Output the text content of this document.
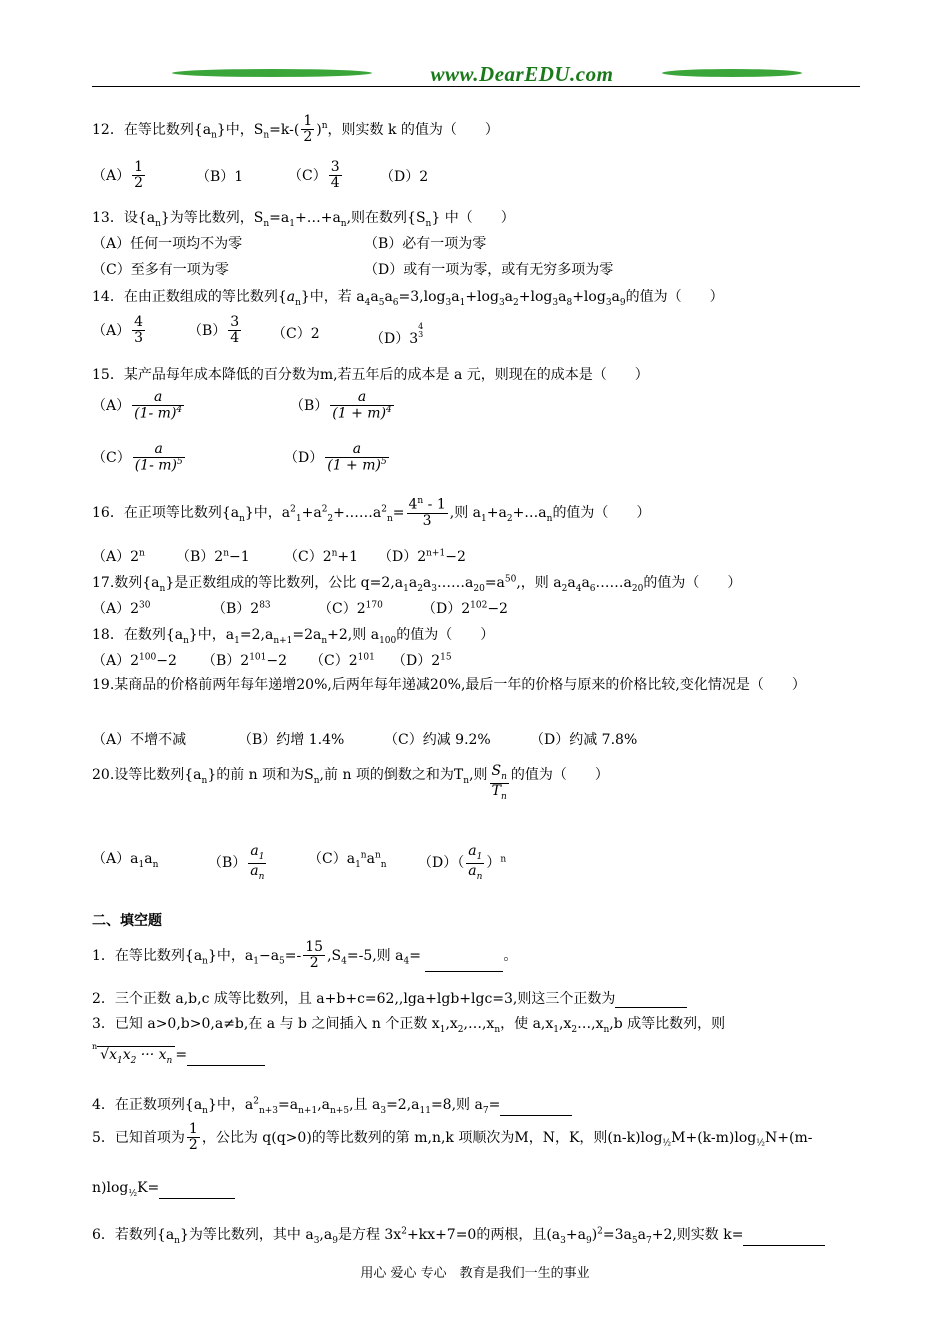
www.DearEDU.com
12．在等比数列$\{a_n\}$中，$S_n=k-( \frac{1}{2} )^n$，则实数 k 的值为（　　）
$(A) \frac{1}{2}$	（B）1	$(C) \frac{3}{4}$	（D）2
13．设$\{a_n\}$为等比数列，$S_n=a_1+\dots+a_n$,则在数列$\{S_n\}$ 中（　　）
（A）任何一项均不为零	（B）必有一项为零
（C）至多有一项为零	（D）或有一项为零，或有无穷多项为零
14．在由正数组成的等比数列$\{a_n\}$中，若 $a_4a_5a_6=3,\log_3a_1+\log_3a_2+\log_3a_8+\log_3a_9$的值为（　　）
$(A) \frac{4}{3}$	$(B) \frac{3}{4} (C)2$	$(D)3^{4 3}$
15．某产品每年成本降低的百分数为m,若五年后的成本是 a 元，则现在的成本是（　　）
$(A) \frac{a}{(1- m)^4}$	$(B) \frac{a}{(1 + m)^4}$
$(C) \frac{a}{(1- m)^5}$	$(D) \frac{a}{(1 + m)^5}$
16．在正项等比数列$\{a_n\}$中，$a^2_1+a^2_2+\dots\dots a^2_n= \frac{4^n - 1}{3}$ ,则 $a_1+a_2+\dots a_n$的值为（　　）
（A）2$^n$ $(B)2^n-1$ $(C)2^n+1$ $(D)2^{n+1}-2$
17.数列$\{a_n\}$是正数组成的等比数列，公比 $q=2,a_1a_2a_3\dots\dots a_{20}=a^{50}$,，则 $a_2a_4a_6\dots\dots a_{20}$的值为（　　）
$(A)2^{30}$	$(B)2^{83}$	$(C)2^{170}$	$(D)2^{102}-2$
18．在数列$\{a_n\}$中，$a_1=2,a_{n+1}=2a_n+2$,则 $a_{100}$的值为（　　）
$(A)2^{100}-2$ $(B)2^{101}-2$ $(C)2^{101}$ $(D)2^{15}$
19.某商品的价格前两年每年递增20%,后两年每年递减20%,最后一年的价格与原来的价格比较,变化情况是（　　）
（A）不增不减	（B）约增 1.4%	（C）约减 9.2%	（D）约减 7.8%
20.设等比数列$\{a_n\}$的前 n 项和为$S_n$,前 n 项的倒数之和为$T_n$,则 $\frac{S_n}{T_n}$ 的值为（　　）
$(A)a_1a_n$	$(B) \frac{a_1}{a_n}$	$(C)a_1^na^n_n$ $(D)( \frac{a_1}{a_n} )^n$
二、填空题
1．在等比数列$\{a_n\}$中，$a_1-a_5=- \frac{15}{2} ,S_4=-5$,则 $a_4=$	。
2．三个正数 a,b,c 成等比数列，且 a+b+c=62,,lga+lgb+lgc=3,则这三个正数为
3．已知 a>0,b>0,a≠b,在 a 与 b 之间插入 n 个正数 $x_1,x_2,\dots,x_n$，使 $a,x_1,x_2\dots,x_n,b$ 成等比数列，则
$^n√x_1x_2$ ··· $x_n$ =
4．在正数项列$\{a_n\}$中，$a^2_{n+3}=a_{n+1},a_{n+5}$,且 $a_3=2,a_{11}=8$,则 $a_7=$
5．已知首项为 $\frac{1}{2}$ ，公比为 q(q>0)的等比数列的第 m,n,k 项顺次为M，N，K，则$(n-k)\log_{\frac{1}{2}}M+(k-m)\log_{\frac{1}{2}}N+(m-$
$n)\log_{\frac{1}{2}}K=$
6．若数列$\{a_n\}$为等比数列，其中 $a_3,a_9$是方程 $3x^2+kx+7=0$的两根，且$(a_3+a_9)^2=3a_5a_7+2$,则实数 k=
用心 爱心 专心　教育是我们一生的事业
